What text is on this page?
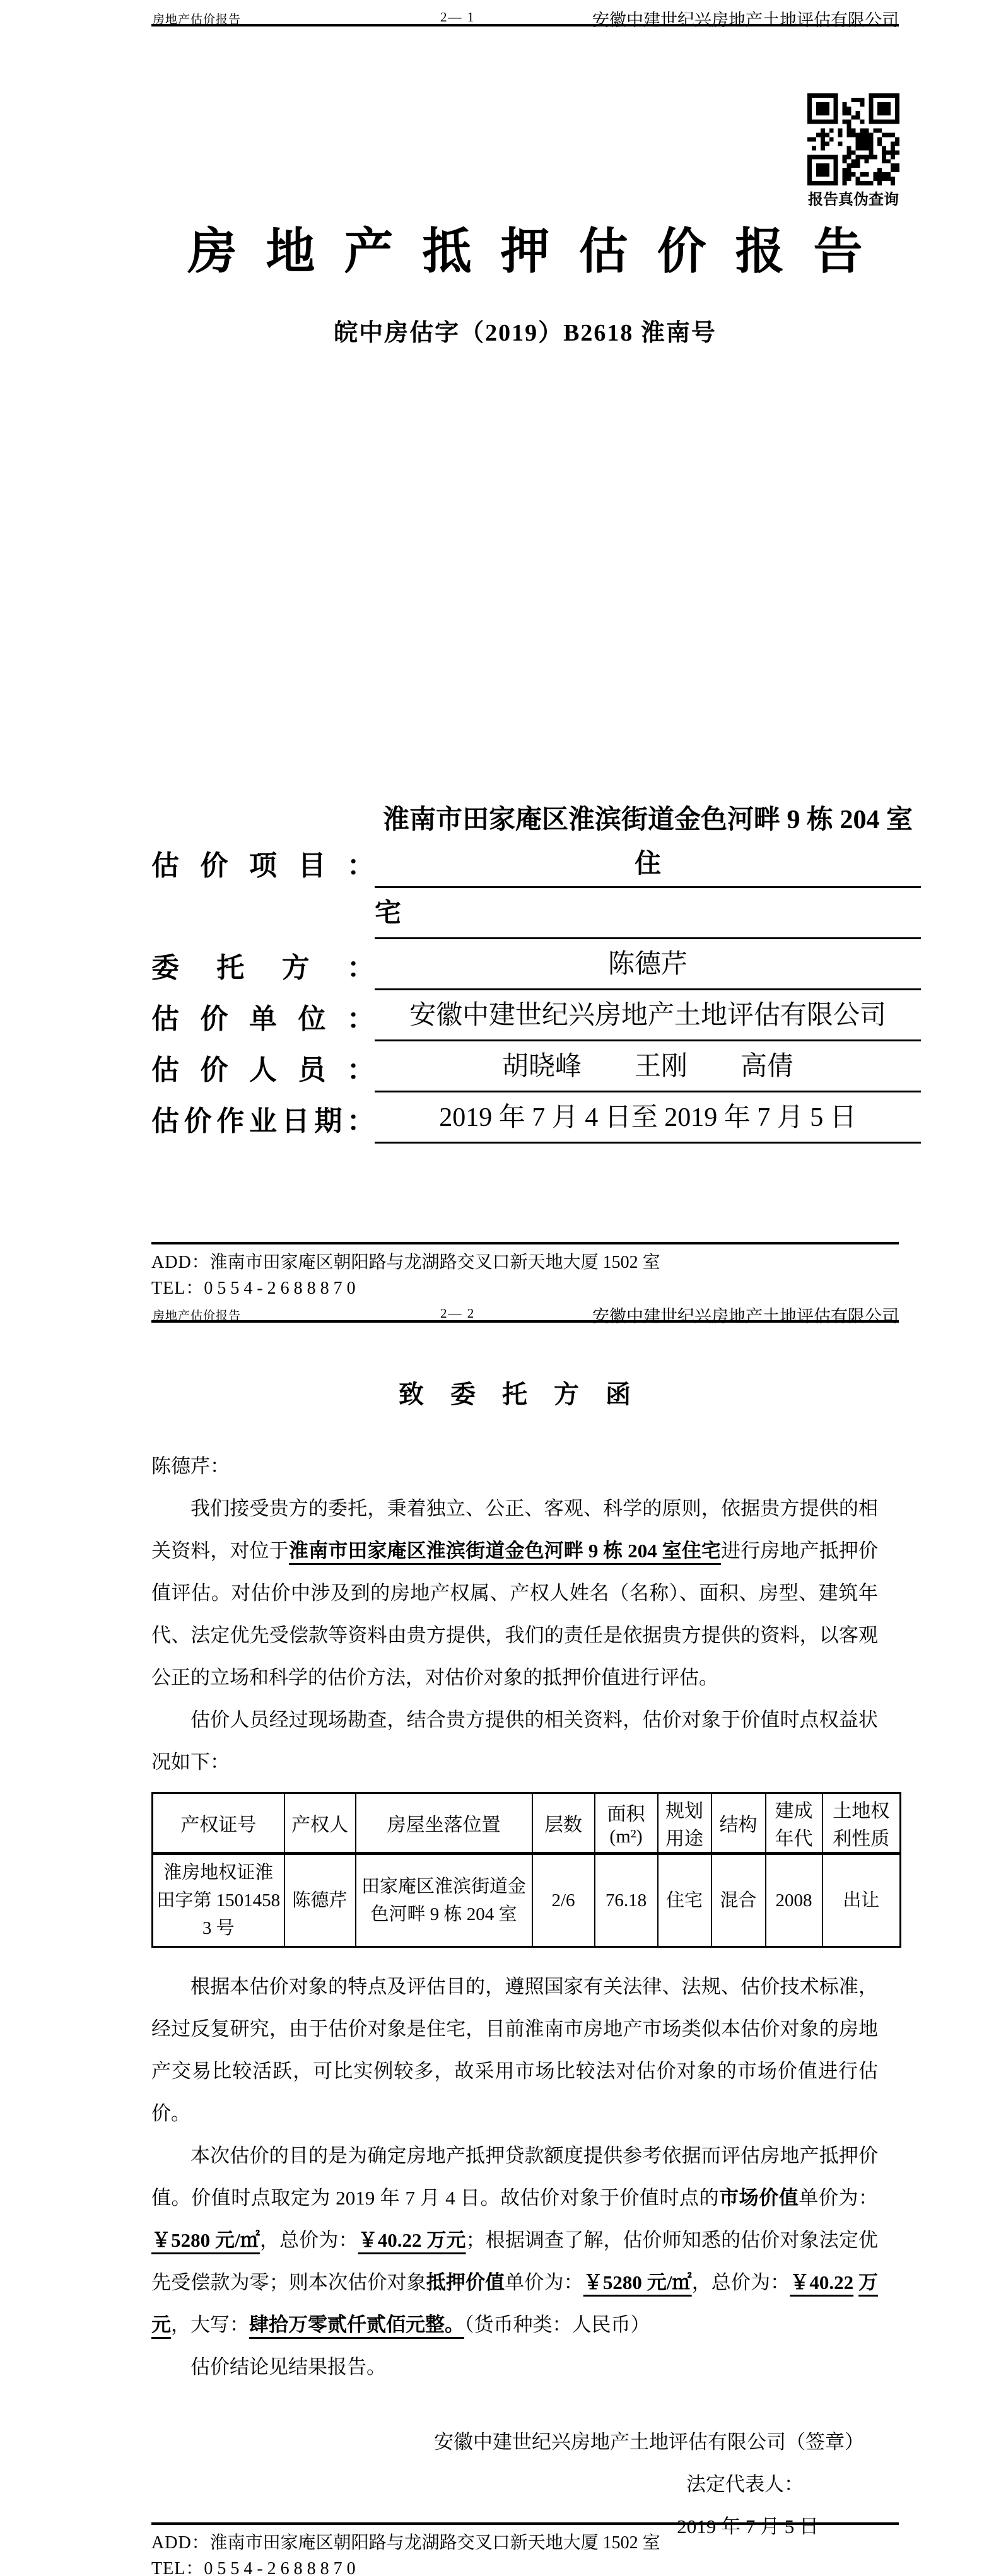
房地产估价报告	2— 1	安徽中建世纪兴房地产土地评估有限公司
报告真伪查询
房地产抵押估价报告
皖中房估字（2019）B2618 淮南号
估价项目：
淮南市田家庵区淮滨街道金色河畔 9 栋 204 室住
宅
委托方：	陈德芹
估价单位：	安徽中建世纪兴房地产土地评估有限公司
估价人员：	胡晓峰　　王刚　　高倩
估价作业日期：	2019 年 7 月 4 日至 2019 年 7 月 5 日
ADD：淮南市田家庵区朝阳路与龙湖路交叉口新天地大厦 1502 室
TEL：0554-2688870
房地产估价报告	2— 2	安徽中建世纪兴房地产土地评估有限公司
致委托方函
陈德芹：

我们接受贵方的委托，秉着独立、公正、客观、科学的原则，依据贵方提供的相关资料，对位于淮南市田家庵区淮滨街道金色河畔 9 栋 204 室住宅进行房地产抵押价值评估。对估价中涉及到的房地产权属、产权人姓名（名称）、面积、房型、建筑年代、法定优先受偿款等资料由贵方提供，我们的责任是依据贵方提供的资料，以客观公正的立场和科学的估价方法，对估价对象的抵押价值进行评估。

估价人员经过现场勘查，结合贵方提供的相关资料，估价对象于价值时点权益状况如下：

产权证号	产权人	房屋坐落位置	层数	面积(m²)	规划用途	结构	建成年代	土地权利性质
淮房地权证淮田字第 15014583 号	陈德芹	田家庵区淮滨街道金色河畔 9 栋 204 室	2/6	76.18	住宅	混合	2008	出让

根据本估价对象的特点及评估目的，遵照国家有关法律、法规、估价技术标准，经过反复研究，由于估价对象是住宅，目前淮南市房地产市场类似本估价对象的房地产交易比较活跃，可比实例较多，故采用市场比较法对估价对象的市场价值进行估价。

本次估价的目的是为确定房地产抵押贷款额度提供参考依据而评估房地产抵押价值。价值时点取定为 2019 年 7 月 4 日。故估价对象于价值时点的市场价值单价为：￥5280 元/㎡，总价为：￥40.22 万元；根据调查了解，估价师知悉的估价对象法定优先受偿款为零；则本次估价对象抵押价值单价为：￥5280 元/㎡，总价为：￥40.22 万元，大写：肆拾万零贰仟贰佰元整。（货币种类：人民币）

估价结论见结果报告。

安徽中建世纪兴房地产土地评估有限公司（签章）
法定代表人：
2019 年 7 月 5 日
ADD：淮南市田家庵区朝阳路与龙湖路交叉口新天地大厦 1502 室
TEL：0554-2688870
